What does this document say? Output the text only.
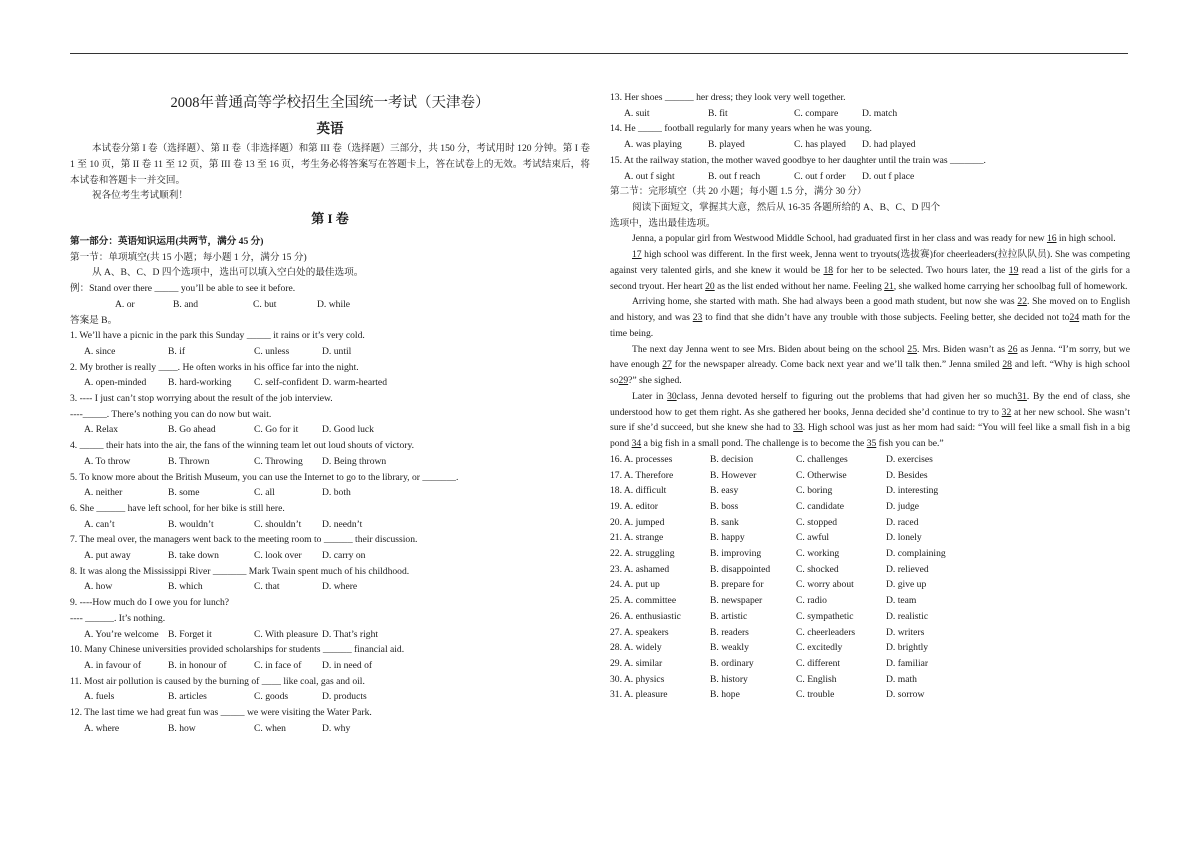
2008年普通高等学校招生全国统一考试（天津卷）
英语

本试卷分第 I 卷（选择题）、第 II 卷（非选择题）和第 III 卷（选择题）三部分，共 150 分，考试用时 120 分钟。第 I 卷 1 至 10 页，第 II 卷 11 至 12 页，第 III 卷 13 至 16 页，考生务必将答案写在答题卡上，答在试卷上的无效。考试结束后，将本试卷和答题卡一并交回。

祝各位考生考试顺利！

第 I 卷
第一部分：英语知识运用(共两节，满分 45 分)
第一节：单项填空(共 15 小题；每小题 1 分，满分 15 分)
从 A、B、C、D 四个选项中，选出可以填入空白处的最佳选项。
例：Stand over there _____ you’ll be able to see it before.
A. or	B. and	C. but	D. while
答案是 B。
1. We’ll have a picnic in the park this Sunday _____ it rains or it’s very cold.
A. since	B. if	C. unless	D. until
2. My brother is really ____. He often works in his office far into the night.
A. open-minded	B. hard-working	C. self-confident D. warm-hearted
3. ---- I just can’t stop worrying about the result of the job interview.
----_____. There’s nothing you can do now but wait.
A. Relax	B. Go ahead	C. Go for it	D. Good luck
4. _____ their hats into the air, the fans of the winning team let out loud shouts of victory.
A. To throw	B. Thrown	C. Throwing	D. Being thrown
5. To know more about the British Museum, you can use the Internet to go to the library, or _______.
A. neither	B. some	C. all	D. both
6. She ______ have left school, for her bike is still here.
A. can’t	B. wouldn’t	C. shouldn’t	D. needn’t
7. The meal over, the managers went back to the meeting room to ______ their discussion.
A. put away	B. take down	C. look over	D. carry on
8. It was along the Mississippi River _______ Mark Twain spent much of his childhood.
A. how	B. which	C. that	D. where
9. ----How much do I owe you for lunch?
---- ______. It’s nothing.
A. You’re welcome B. Forget it	C. With pleasure D. That’s right
10. Many Chinese universities provided scholarships for students ______ financial aid.
A. in favour of	B. in honour of	C. in face of	D. in need of
11. Most air pollution is caused by the burning of ____ like coal, gas and oil.
A. fuels	B. articles	C. goods	D. products
12. The last time we had great fun was _____ we were visiting the Water Park.
A. where	B. how	C. when	D. why
13. Her shoes ______ her dress; they look very well together.
A. suit	B. fit	C. compare	D. match
14. He _____ football regularly for many years when he was young.
A. was playing	B. played	C. has played	D. had played
15. At the railway station, the mother waved goodbye to her daughter until the train was _______.
A. out f sight	B. out f reach	C. out f order	D. out f place
第二节：完形填空（共 20 小题；每小题 1.5 分，满分 30 分）
阅读下面短文，掌握其大意，然后从 16-35 各题所给的 A、B、C、D 四个
选项中，选出最佳选项。
Jenna, a popular girl from Westwood Middle School, had graduated first in her class and was ready for new 16 in high school.
17 high school was different. In the first week, Jenna went to tryouts(选拔赛)for cheerleaders(拉拉队队员). She was competing against very talented girls, and she knew it would be 18 for her to be selected. Two hours later, the 19 read a list of the girls for a second tryout. Her heart 20 as the list ended without her name. Feeling 21, she walked home carrying her schoolbag full of homework.
Arriving home, she started with math. She had always been a good math student, but now she was 22. She moved on to English and history, and was 23 to find that she didn’t have any trouble with those subjects. Feeling better, she decided not to24 math for the time being.
The next day Jenna went to see Mrs. Biden about being on the school 25. Mrs. Biden wasn’t as 26 as Jenna. “I’m sorry, but we have enough 27 for the newspaper already. Come back next year and we’ll talk then.” Jenna smiled 28 and left. “Why is high school so29?” she sighed.
Later in 30class, Jenna devoted herself to figuring out the problems that had given her so much31. By the end of class, she understood how to get them right. As she gathered her books, Jenna decided she’d continue to try to 32 at her new school. She wasn’t sure if she’d succeed, but she knew she had to 33. High school was just as her mom had said: “You will feel like a small fish in a big pond 34 a big fish in a small pond. The challenge is to become the 35 fish you can be.”
16. A. processes	B. decision	C. challenges	D. exercises
17. A. Therefore	B. However	C. Otherwise	D. Besides
18. A. difficult	B. easy	C. boring	D. interesting
19. A. editor	B. boss	C. candidate	D. judge
20. A. jumped	B. sank	C. stopped	D. raced
21. A. strange	B. happy	C. awful	D. lonely
22. A. struggling	B. improving	C. working	D. complaining
23. A. ashamed	B. disappointed	C. shocked	D. relieved
24. A. put up	B. prepare for	C. worry about	D. give up
25. A. committee	B. newspaper	C. radio	D. team
26. A. enthusiastic	B. artistic	C. sympathetic	D. realistic
27. A. speakers	B. readers	C. cheerleaders	D. writers
28. A. widely	B. weakly	C. excitedly	D. brightly
29. A. similar	B. ordinary	C. different	D. familiar
30. A. physics	B. history	C. English	D. math
31. A. pleasure	B. hope	C. trouble	D. sorrow
